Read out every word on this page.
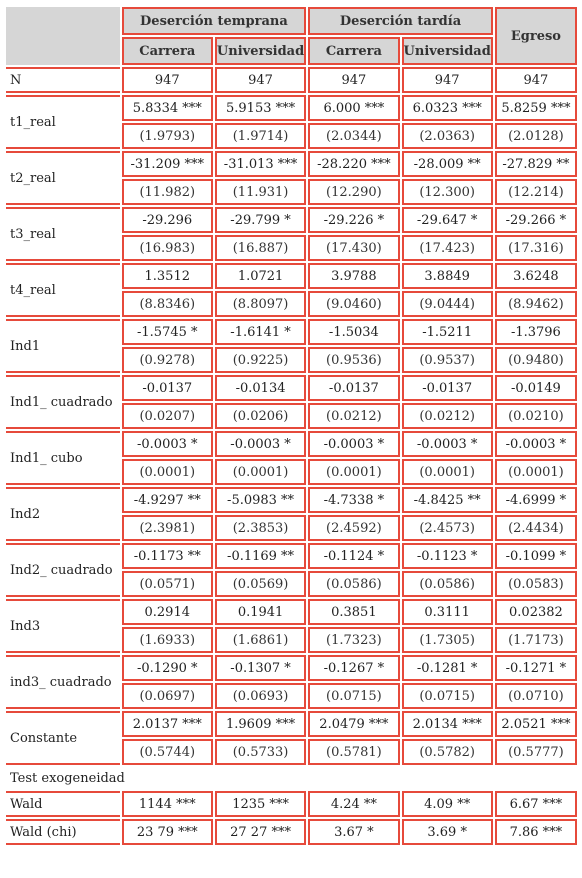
	Deserción temprana		Deserción tardía		Egreso
	Carrera	Universidad	Carrera	Universidad	
N	947	947	947	947	947
t1_real	5.8334 ***	5.9153 ***	6.000 ***	6.0323 ***	5.8259 ***
	(1.9793)	(1.9714)	(2.0344)	(2.0363)	(2.0128)
t2_real	-31.209 ***	-31.013 ***	-28.220 ***	-28.009 **	-27.829 **
	(11.982)	(11.931)	(12.290)	(12.300)	(12.214)
t3_real	-29.296	-29.799 *	-29.226 *	-29.647 *	-29.266 *
	(16.983)	(16.887)	(17.430)	(17.423)	(17.316)
t4_real	1.3512	1.0721	3.9788	3.8849	3.6248
	(8.8346)	(8.8097)	(9.0460)	(9.0444)	(8.9462)
Ind1	-1.5745 *	-1.6141 *	-1.5034	-1.5211	-1.3796
	(0.9278)	(0.9225)	(0.9536)	(0.9537)	(0.9480)
Ind1_ cuadrado	-0.0137	-0.0134	-0.0137	-0.0137	-0.0149
	(0.0207)	(0.0206)	(0.0212)	(0.0212)	(0.0210)
Ind1_ cubo	-0.0003 *	-0.0003 *	-0.0003 *	-0.0003 *	-0.0003 *
	(0.0001)	(0.0001)	(0.0001)	(0.0001)	(0.0001)
Ind2	-4.9297 **	-5.0983 **	-4.7338 *	-4.8425 **	-4.6999 *
	(2.3981)	(2.3853)	(2.4592)	(2.4573)	(2.4434)
Ind2_ cuadrado	-0.1173 **	-0.1169 **	-0.1124 *	-0.1123 *	-0.1099 *
	(0.0571)	(0.0569)	(0.0586)	(0.0586)	(0.0583)
Ind3	0.2914	0.1941	0.3851	0.3111	0.02382
	(1.6933)	(1.6861)	(1.7323)	(1.7305)	(1.7173)
ind3_ cuadrado	-0.1290 *	-0.1307 *	-0.1267 *	-0.1281 *	-0.1271 *
	(0.0697)	(0.0693)	(0.0715)	(0.0715)	(0.0710)
Constante	2.0137 ***	1.9609 ***	2.0479 ***	2.0134 ***	2.0521 ***
	(0.5744)	(0.5733)	(0.5781)	(0.5782)	(0.5777)
Test exogeneidad					
Wald	1144 ***	1235 ***	4.24 **	4.09 **	6.67 ***
Wald (chi)	23 79 ***	27 27 ***	3.67 *	3.69 *	7.86 ***
